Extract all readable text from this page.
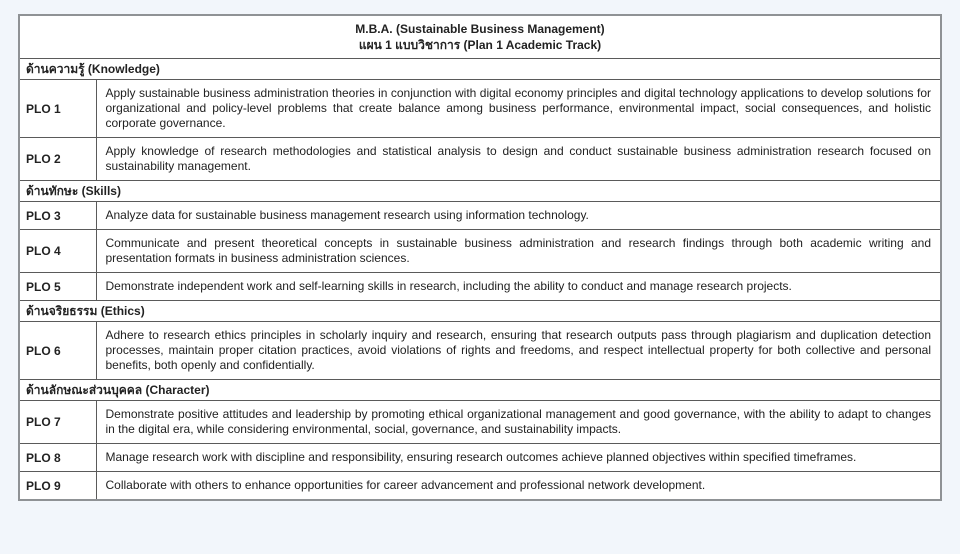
M.B.A. (Sustainable Business Management)
แผน 1 แบบวิชาการ (Plan 1 Academic Track)	

ด้านความรู้ (Knowledge)	
PLO 1	Apply sustainable business administration theories in conjunction with digital economy principles and digital technology applications to develop solutions for organizational and policy-level problems that create balance among business performance, environmental impact, social consequences, and holistic corporate governance.
PLO 2	Apply knowledge of research methodologies and statistical analysis to design and conduct sustainable business administration research focused on sustainability management.
ด้านทักษะ (Skills)	
PLO 3	Analyze data for sustainable business management research using information technology.
PLO 4	Communicate and present theoretical concepts in sustainable business administration and research findings through both academic writing and presentation formats in business administration sciences.
PLO 5	Demonstrate independent work and self-learning skills in research, including the ability to conduct and manage research projects.
ด้านจริยธรรม (Ethics)	
PLO 6	Adhere to research ethics principles in scholarly inquiry and research, ensuring that research outputs pass through plagiarism and duplication detection processes, maintain proper citation practices, avoid violations of rights and freedoms, and respect intellectual property for both collective and personal benefits, both openly and confidentially.
ด้านลักษณะส่วนบุคคล (Character)	
PLO 7	Demonstrate positive attitudes and leadership by promoting ethical organizational management and good governance, with the ability to adapt to changes in the digital era, while considering environmental, social, governance, and sustainability impacts.
PLO 8	Manage research work with discipline and responsibility, ensuring research outcomes achieve planned objectives within specified timeframes.
PLO 9	Collaborate with others to enhance opportunities for career advancement and professional network development.
